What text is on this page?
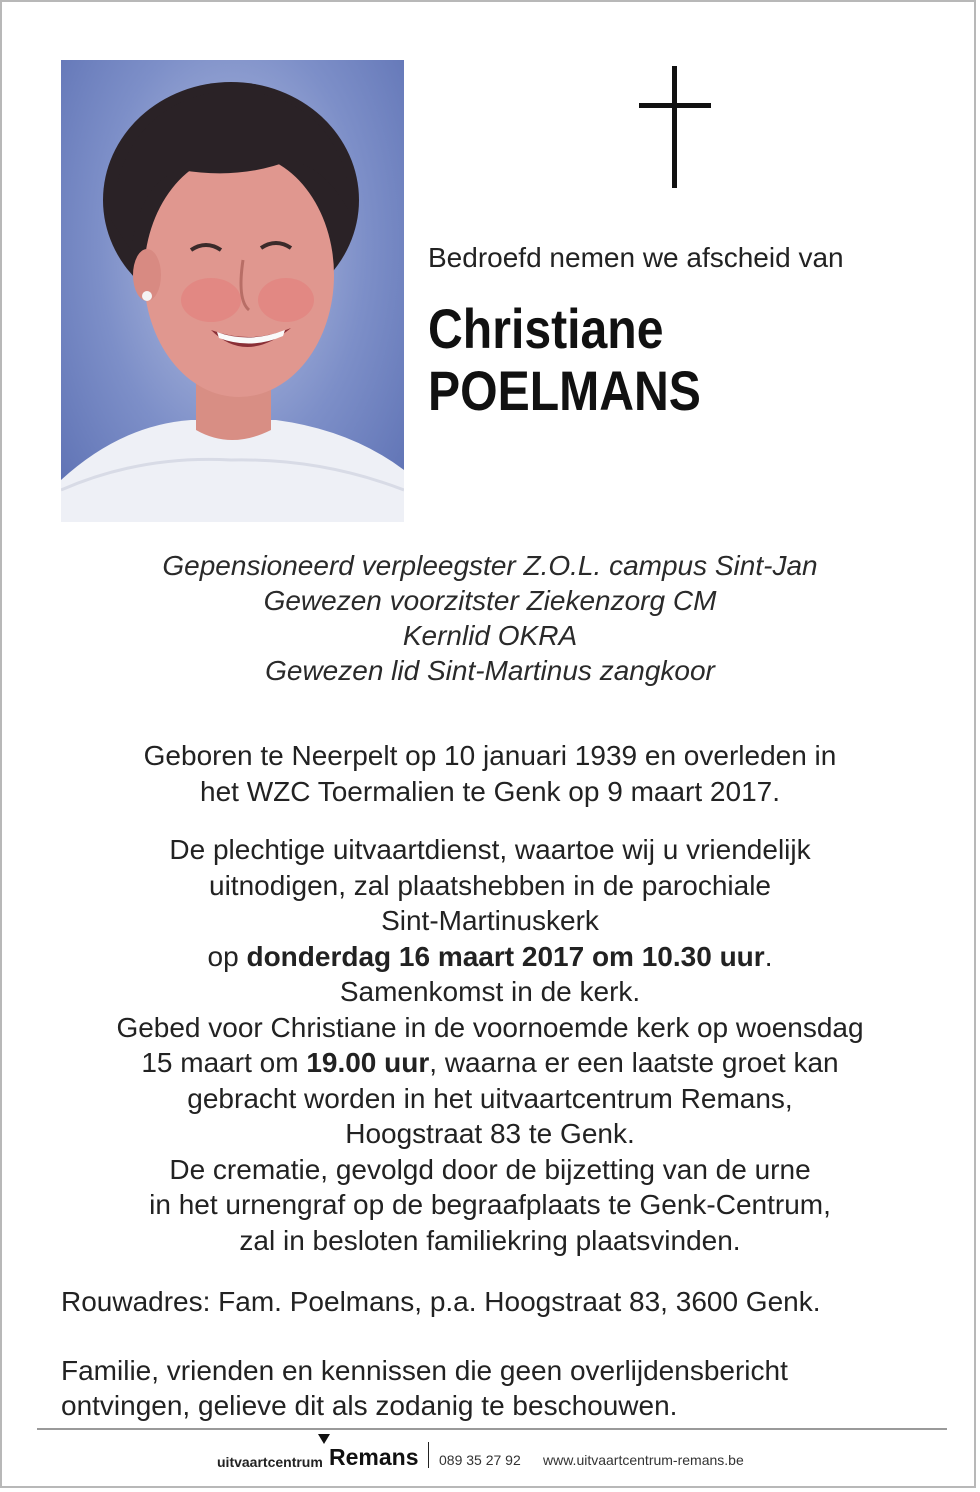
Bedroefd nemen we afscheid van
Christiane
POELMANS
Gepensioneerd verpleegster Z.O.L. campus Sint-Jan
Gewezen voorzitster Ziekenzorg CM
Kernlid OKRA
Gewezen lid Sint-Martinus zangkoor
Geboren te Neerpelt op 10 januari 1939 en overleden in
het WZC Toermalien te Genk op 9 maart 2017.
De plechtige uitvaartdienst, waartoe wij u vriendelijk
uitnodigen, zal plaatshebben in de parochiale
Sint-Martinuskerk
op donderdag 16 maart 2017 om 10.30 uur.
Samenkomst in de kerk.
Gebed voor Christiane in de voornoemde kerk op woensdag
15 maart om 19.00 uur, waarna er een laatste groet kan
gebracht worden in het uitvaartcentrum Remans,
Hoogstraat 83 te Genk.
De crematie, gevolgd door de bijzetting van de urne
in het urnengraf op de begraafplaats te Genk-Centrum,
zal in besloten familiekring plaatsvinden.
Rouwadres: Fam. Poelmans, p.a. Hoogstraat 83, 3600 Genk.
Familie, vrienden en kennissen die geen overlijdensbericht
ontvingen, gelieve dit als zodanig te beschouwen.
uitvaartcentrum Remans 089 35 27 92 www.uitvaartcentrum-remans.be
